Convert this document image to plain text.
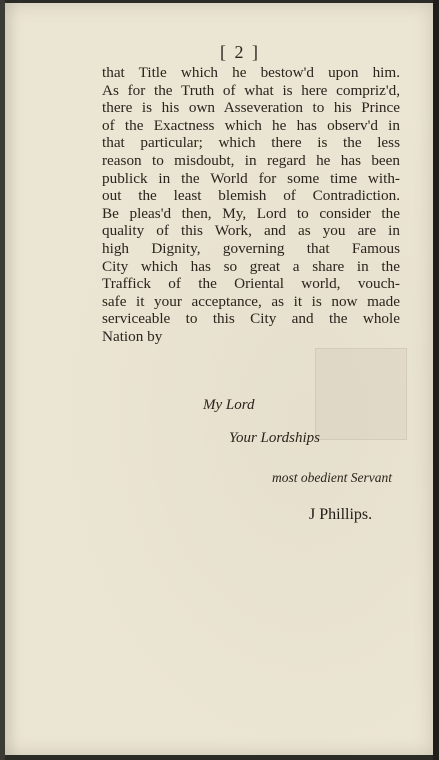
[ 2 ]
that Title which he bestow'd upon him.
As for the Truth of what is here compriz'd,
there is his own Asseveration to his Prince
of the Exactness which he has observ'd in
that particular; which there is the less
reason to misdoubt, in regard he has been
publick in the World for some time with-
out the least blemish of Contradiction.
Be pleas'd then, My, Lord to consider the
quality of this Work, and as you are in
high Dignity, governing that Famous
City which has so great a share in the
Traffick of the Oriental world, vouch-
safe it your acceptance, as it is now made
serviceable to this City and the whole
Nation by
My Lord
Your Lordships
most obedient Servant
J Phillips.
